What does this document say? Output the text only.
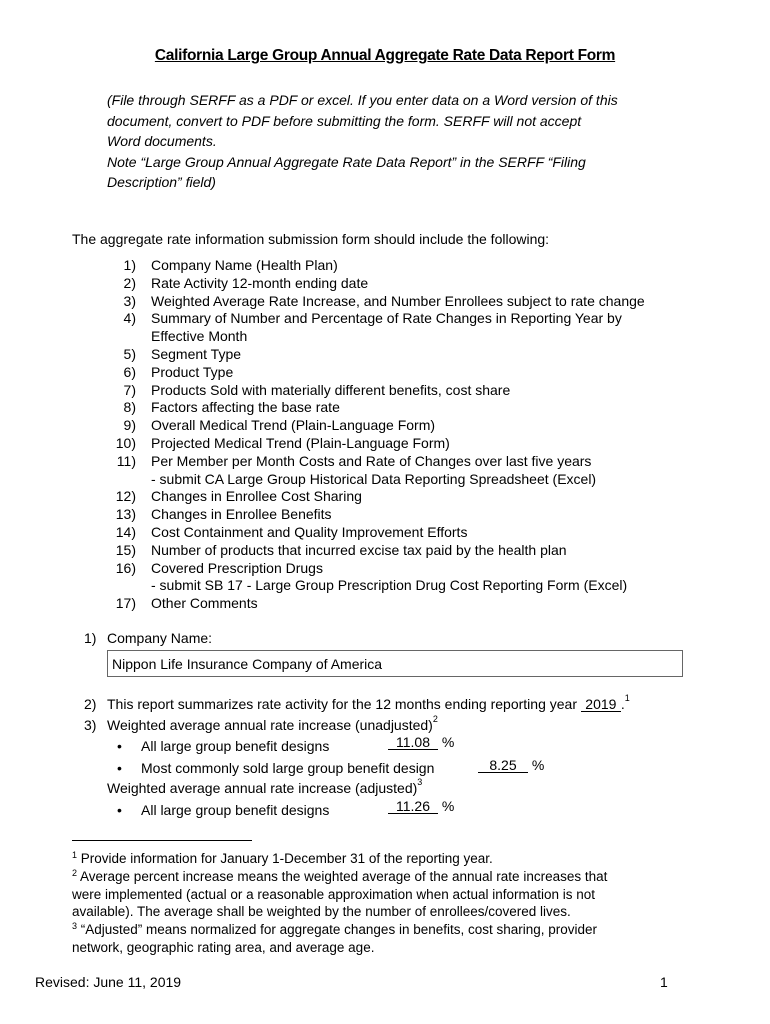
California Large Group Annual Aggregate Rate Data Report Form
(File through SERFF as a PDF or excel. If you enter data on a Word version of this
document, convert to PDF before submitting the form. SERFF will not accept
Word documents.
Note “Large Group Annual Aggregate Rate Data Report” in the SERFF “Filing
Description” field)
The aggregate rate information submission form should include the following:
1) Company Name (Health Plan)
2) Rate Activity 12-month ending date
3) Weighted Average Rate Increase, and Number Enrollees subject to rate change
4) Summary of Number and Percentage of Rate Changes in Reporting Year by
Effective Month
5) Segment Type
6) Product Type
7) Products Sold with materially different benefits, cost share
8) Factors affecting the base rate
9) Overall Medical Trend (Plain-Language Form)
10) Projected Medical Trend (Plain-Language Form)
11) Per Member per Month Costs and Rate of Changes over last five years
- submit CA Large Group Historical Data Reporting Spreadsheet (Excel)
12) Changes in Enrollee Cost Sharing
13) Changes in Enrollee Benefits
14) Cost Containment and Quality Improvement Efforts
15) Number of products that incurred excise tax paid by the health plan
16) Covered Prescription Drugs
- submit SB 17 - Large Group Prescription Drug Cost Reporting Form (Excel)
17) Other Comments
1) Company Name:
Nippon Life Insurance Company of America
2) This report summarizes rate activity for the 12 months ending reporting year 2019 .$^1$
3) Weighted average annual rate increase (unadjusted)$^2$
• All large group benefit designs	11.08 %
• Most commonly sold large group benefit design	8.25 %
Weighted average annual rate increase (adjusted)$^3$
• All large group benefit designs	11.26 %
$^1$ Provide information for January 1-December 31 of the reporting year.
$^2$ Average percent increase means the weighted average of the annual rate increases that
were implemented (actual or a reasonable approximation when actual information is not
available). The average shall be weighted by the number of enrollees/covered lives.
$^3$ “Adjusted” means normalized for aggregate changes in benefits, cost sharing, provider
network, geographic rating area, and average age.
Revised: June 11, 2019	1
